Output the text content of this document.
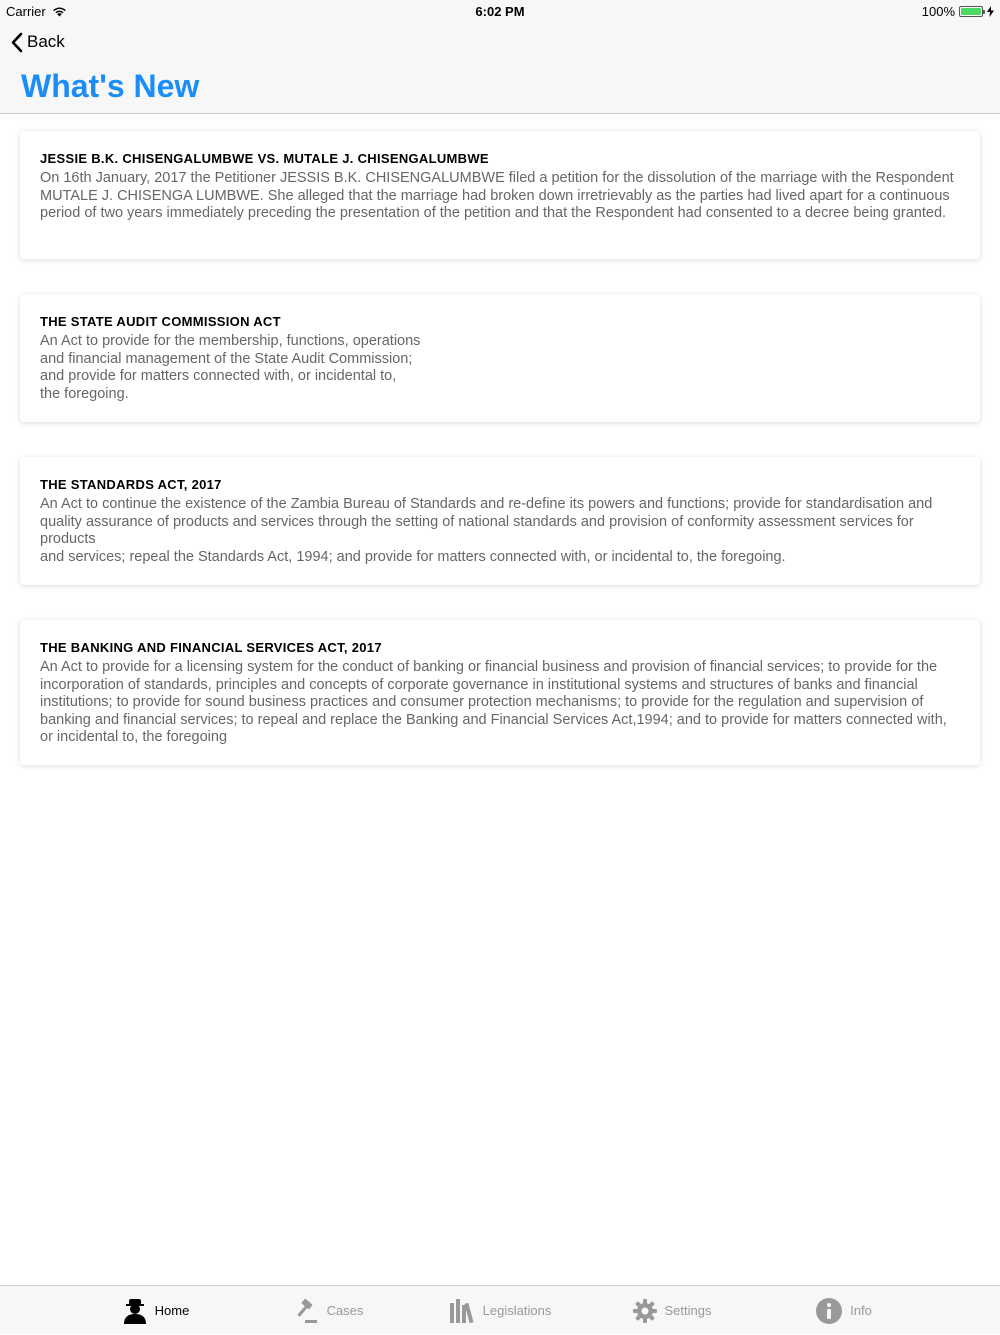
Carrier	6:02 PM	100%
Back
What's New
JESSIE B.K. CHISENGALUMBWE VS. MUTALE J. CHISENGALUMBWE
On 16th January, 2017 the Petitioner JESSIS B.K. CHISENGALUMBWE filed a petition for the dissolution of the marriage with the Respondent MUTALE J. CHISENGA LUMBWE. She alleged that the marriage had broken down irretrievably as the parties had lived apart for a continuous period of two years immediately preceding the presentation of the petition and that the Respondent had consented to a decree being granted.
THE STATE AUDIT COMMISSION ACT
An Act to provide for the membership, functions, operations
and financial management of the State Audit Commission;
and provide for matters connected with, or incidental to,
the foregoing.
THE STANDARDS ACT, 2017
An Act to continue the existence of the Zambia Bureau of Standards and re-define its powers and functions; provide for standardisation and quality assurance of products and services through the setting of national standards and provision of conformity assessment services for products
and services; repeal the Standards Act, 1994; and provide for matters connected with, or incidental to, the foregoing.
THE BANKING AND FINANCIAL SERVICES ACT, 2017
An Act to provide for a licensing system for the conduct of banking or financial business and provision of financial services; to provide for the incorporation of standards, principles and concepts of corporate governance in institutional systems and structures of banks and financial institutions; to provide for sound business practices and consumer protection mechanisms; to provide for the regulation and supervision of banking and financial services; to repeal and replace the Banking and Financial Services Act,1994; and to provide for matters connected with, or incidental to, the foregoing
Home	Cases	Legislations	Settings	Info
